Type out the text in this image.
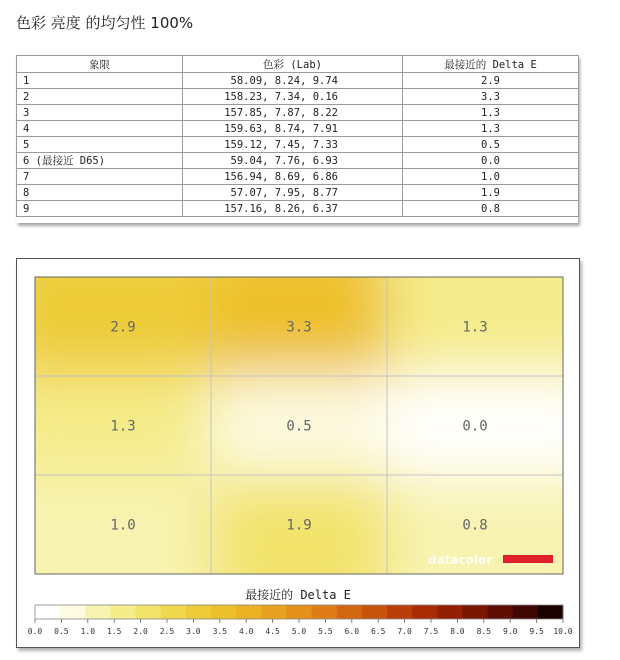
色彩 亮度 的均匀性 100%
象限	色彩 (Lab)	最接近的 Delta E
1	58.09, 8.24, 9.74	2.9
2	158.23, 7.34, 0.16	3.3
3	157.85, 7.87, 8.22	1.3
4	159.63, 8.74, 7.91	1.3
5	159.12, 7.45, 7.33	0.5
6 (最接近 D65)	59.04, 7.76, 6.93	0.0
7	156.94, 8.69, 6.86	1.0
8	57.07, 7.95, 8.77	1.9
9	157.16, 8.26, 6.37	0.8
2.9	3.3	1.3
1.3	0.5	0.0
1.0	1.9	0.8
datacolor
最接近的 Delta E
0.0 0.5 1.0 1.5 2.0 2.5 3.0 3.5 4.0 4.5 5.0 5.5 6.0 6.5 7.0 7.5 8.0 8.5 9.0 9.5 10.0
